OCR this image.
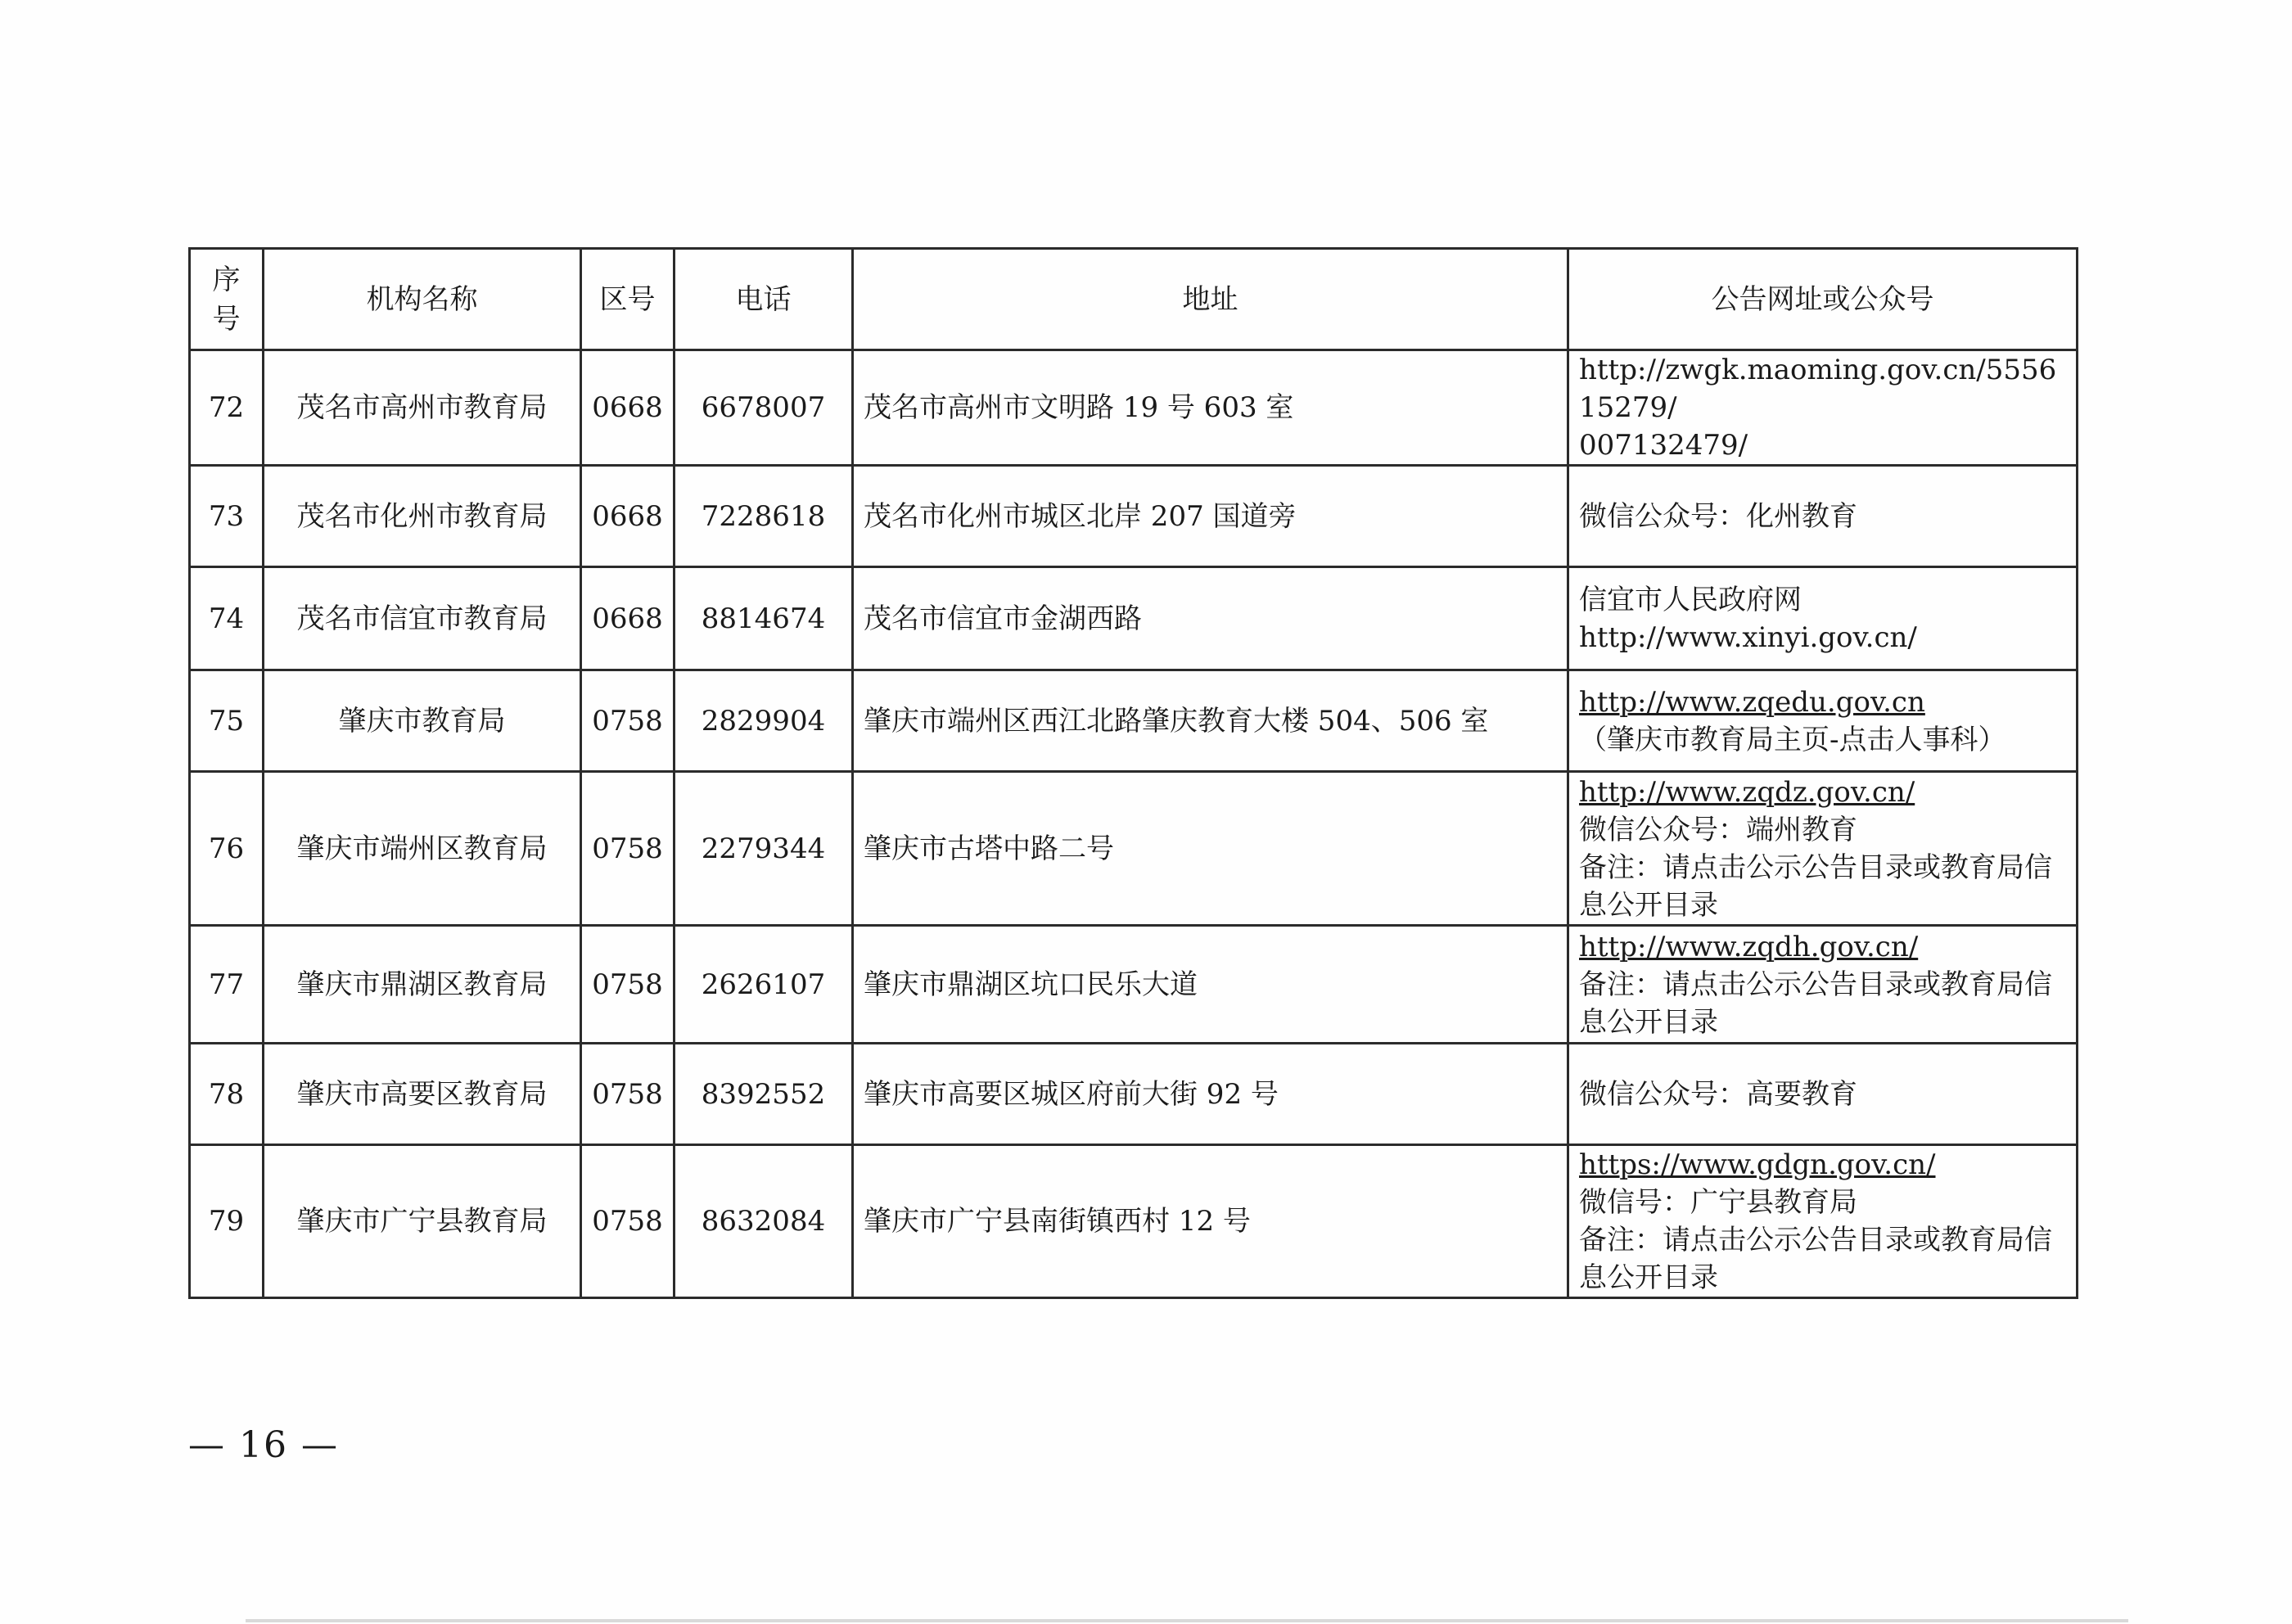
序
号	机构名称	区号	电话	地址	公告网址或公众号
72	茂名市高州市教育局	0668	6678007	茂名市高州市文明路 19 号 603 室	http://zwgk.maoming.gov.cn/555615279/
007132479/

73	茂名市化州市教育局	0668	7228618	茂名市化州市城区北岸 207 国道旁	微信公众号：化州教育

74	茂名市信宜市教育局	0668	8814674	茂名市信宜市金湖西路	信宜市人民政府网
http://www.xinyi.gov.cn/

75	肇庆市教育局	0758	2829904	肇庆市端州区西江北路肇庆教育大楼 504、506 室	http://www.zqedu.gov.cn
（肇庆市教育局主页-点击人事科）

76	肇庆市端州区教育局	0758	2279344	肇庆市古塔中路二号	http://www.zqdz.gov.cn/
微信公众号：端州教育
备注：请点击公示公告目录或教育局信
息公开目录

77	肇庆市鼎湖区教育局	0758	2626107	肇庆市鼎湖区坑口民乐大道	http://www.zqdh.gov.cn/
备注：请点击公示公告目录或教育局信
息公开目录

78	肇庆市高要区教育局	0758	8392552	肇庆市高要区城区府前大街 92 号	微信公众号：高要教育

79	肇庆市广宁县教育局	0758	8632084	肇庆市广宁县南街镇西村 12 号	https://www.gdgn.gov.cn/
微信号：广宁县教育局
备注：请点击公示公告目录或教育局信
息公开目录
— 16 —
